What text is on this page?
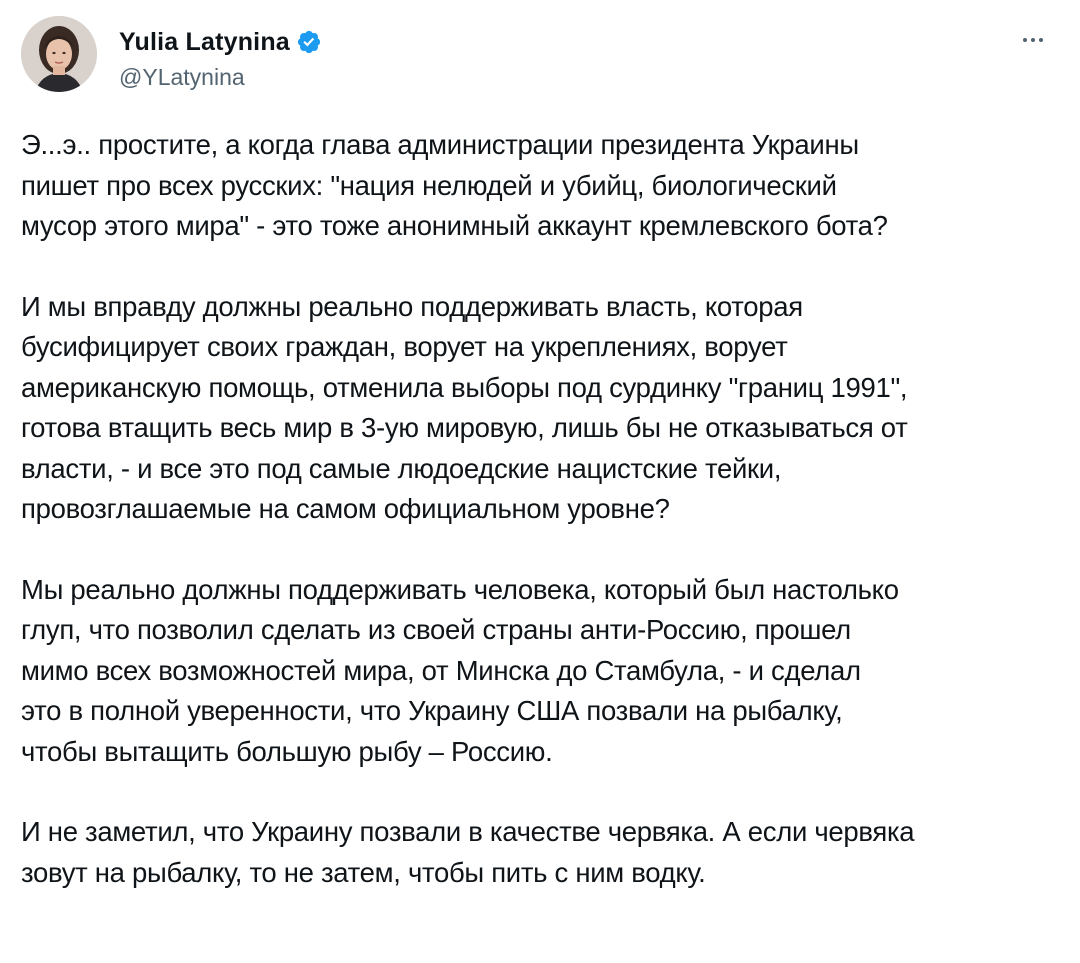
Yulia Latynina
@YLatynina
Э...э.. простите, а когда глава администрации президента Украины
пишет про всех русских: "нация нелюдей и убийц, биологический
мусор этого мира" - это тоже анонимный аккаунт кремлевского бота?
И мы вправду должны реально поддерживать власть, которая
бусифицирует своих граждан, ворует на укреплениях, ворует
американскую помощь, отменила выборы под сурдинку "границ 1991",
готова втащить весь мир в 3-ую мировую, лишь бы не отказываться от
власти, - и все это под самые людоедские нацистские тейки,
провозглашаемые на самом официальном уровне?
Мы реально должны поддерживать человека, который был настолько
глуп, что позволил сделать из своей страны анти-Россию, прошел
мимо всех возможностей мира, от Минска до Стамбула, - и сделал
это в полной уверенности, что Украину США позвали на рыбалку,
чтобы вытащить большую рыбу – Россию.
И не заметил, что Украину позвали в качестве червяка. А если червяка
зовут на рыбалку, то не затем, чтобы пить с ним водку.
